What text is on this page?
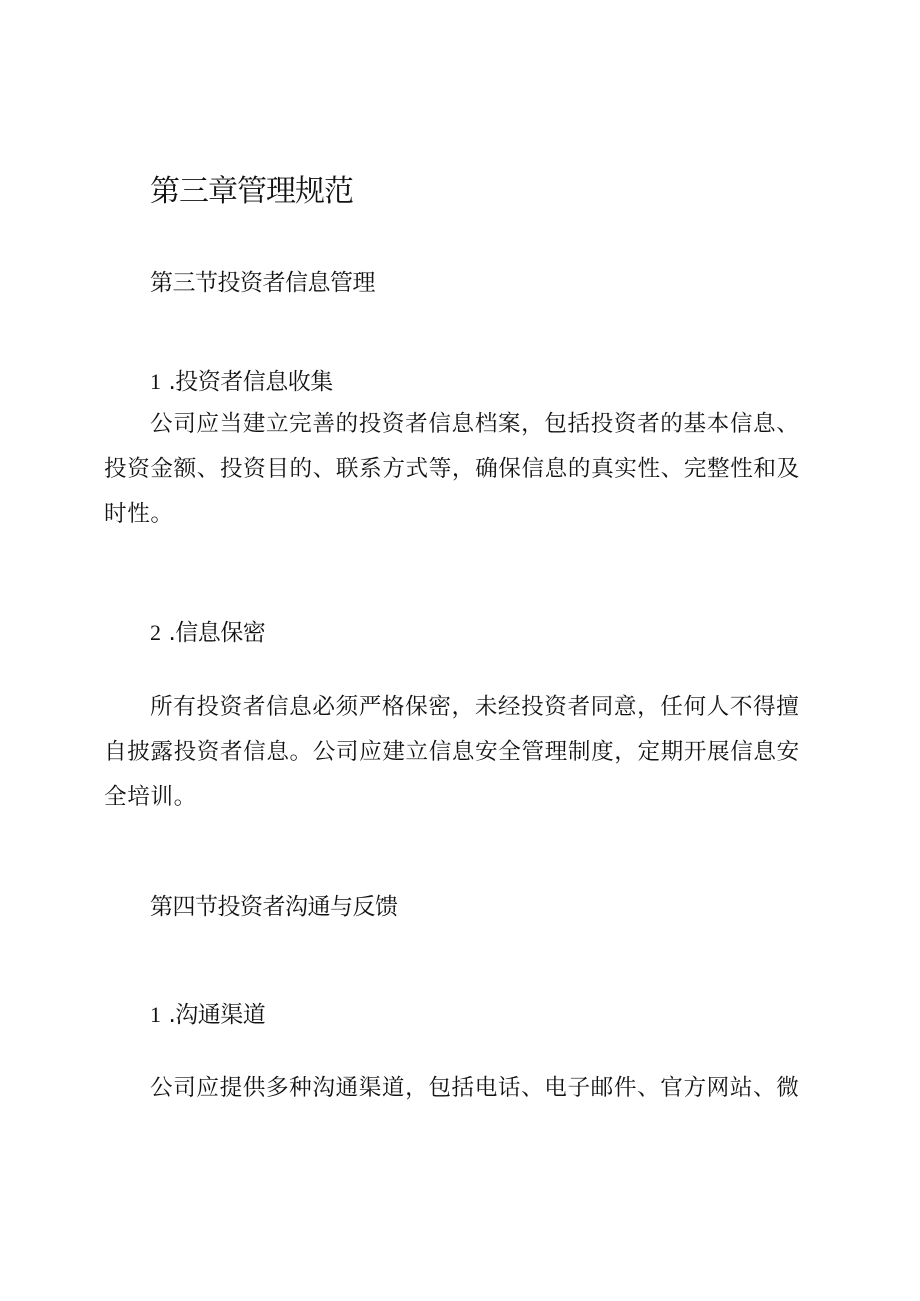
第三章管理规范
第三节投资者信息管理
1 .投资者信息收集

公司应当建立完善的投资者信息档案，包括投资者的基本信息、投资金额、投资目的、联系方式等，确保信息的真实性、完整性和及时性。

2 .信息保密

所有投资者信息必须严格保密，未经投资者同意，任何人不得擅自披露投资者信息。公司应建立信息安全管理制度，定期开展信息安全培训。

第四节投资者沟通与反馈
1 .沟通渠道

公司应提供多种沟通渠道，包括电话、电子邮件、官方网站、微
